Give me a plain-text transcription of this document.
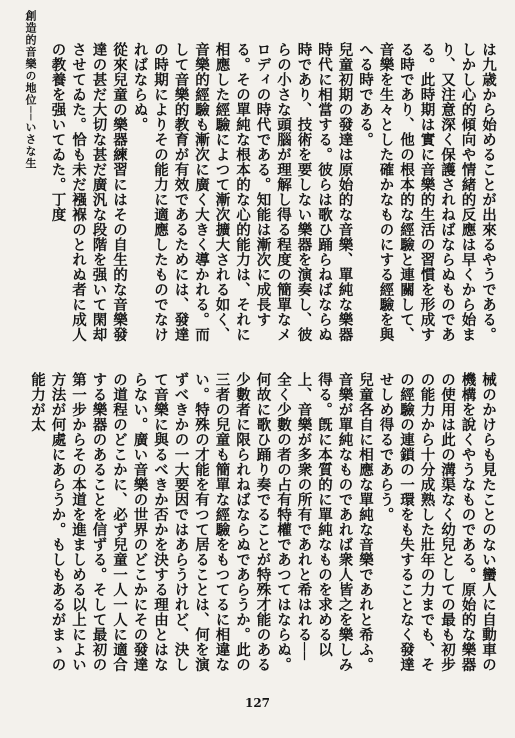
創造的音樂の地位──いさな生	は九歳から始めることが出來るやうである。しかし心的傾向や情緒的反應は早くから始まり、又注意深く保護されねばならぬものである。此時期は實に音樂的生活の習慣を形成する時であり、他の根本的な經驗と連關して、音樂を生々とした確かなものにする經驗を與へる時である。

兒童初期の發達は原始的な音樂、單純な樂器時代に相當する。彼らは歌ひ踊らねばならぬ時であり、技術を要しない樂器を演奏し、彼らの小さな頭腦が理解し得る程度の簡單なメロディの時代である。知能は漸次に成長する。その單純な根本的な心的能力は、それに相應した經驗によつて漸次擴大される如く、音樂的經驗も漸次に廣く大きく導かれる。而して音樂的教育が有效であるためには、發達の時期によりその能力に適應したものでなければならぬ。

從來兒童の樂器練習にはその自生的な音樂發達の甚だ大切な甚だ廣汎な段階を强いて閑却させてゐた。恰も未だ襁褓のとれぬ者に成人の教養を强いてゐた。丁度

械のかけらも見たことのない蠻人に自動車の機構を說くやうなものである。原始的な樂器の使用は此の溝渠なく幼兒としての最も初步の能力から十分成熟した壯年の力までも、その經驗の連鎖の一環をも失することなく發達せしめ得るであらう。

兒童各自に相應な單純な音樂であれと希ふ。音樂が單純なものであれば衆人皆之を樂しみ得る。旣に本質的に單純なものを求める以上、音樂が多衆の所有であれと希はれる──全く少數の者の占有特權であつてはならぬ。何故に歌ひ踊り奏でることが特殊才能のある少數者に限られねばならぬであらうか。此の三者の兒童も簡單な經驗をもつてるに相違ない。特殊の才能を有つて居ることは、何を演ずべきかの一大要因ではあらうけれど、決して音樂に與るべきか否かを決する理由とはならない。廣い音樂の世界のどこかにその發達の道程のどこかに、必ず兒童一人一人に適合する樂器のあることを信ずる。そして最初の第一步からその本道を進ましめる以上によい方法が何處にあらうか。もしもあるがまゝの能力が太

127
